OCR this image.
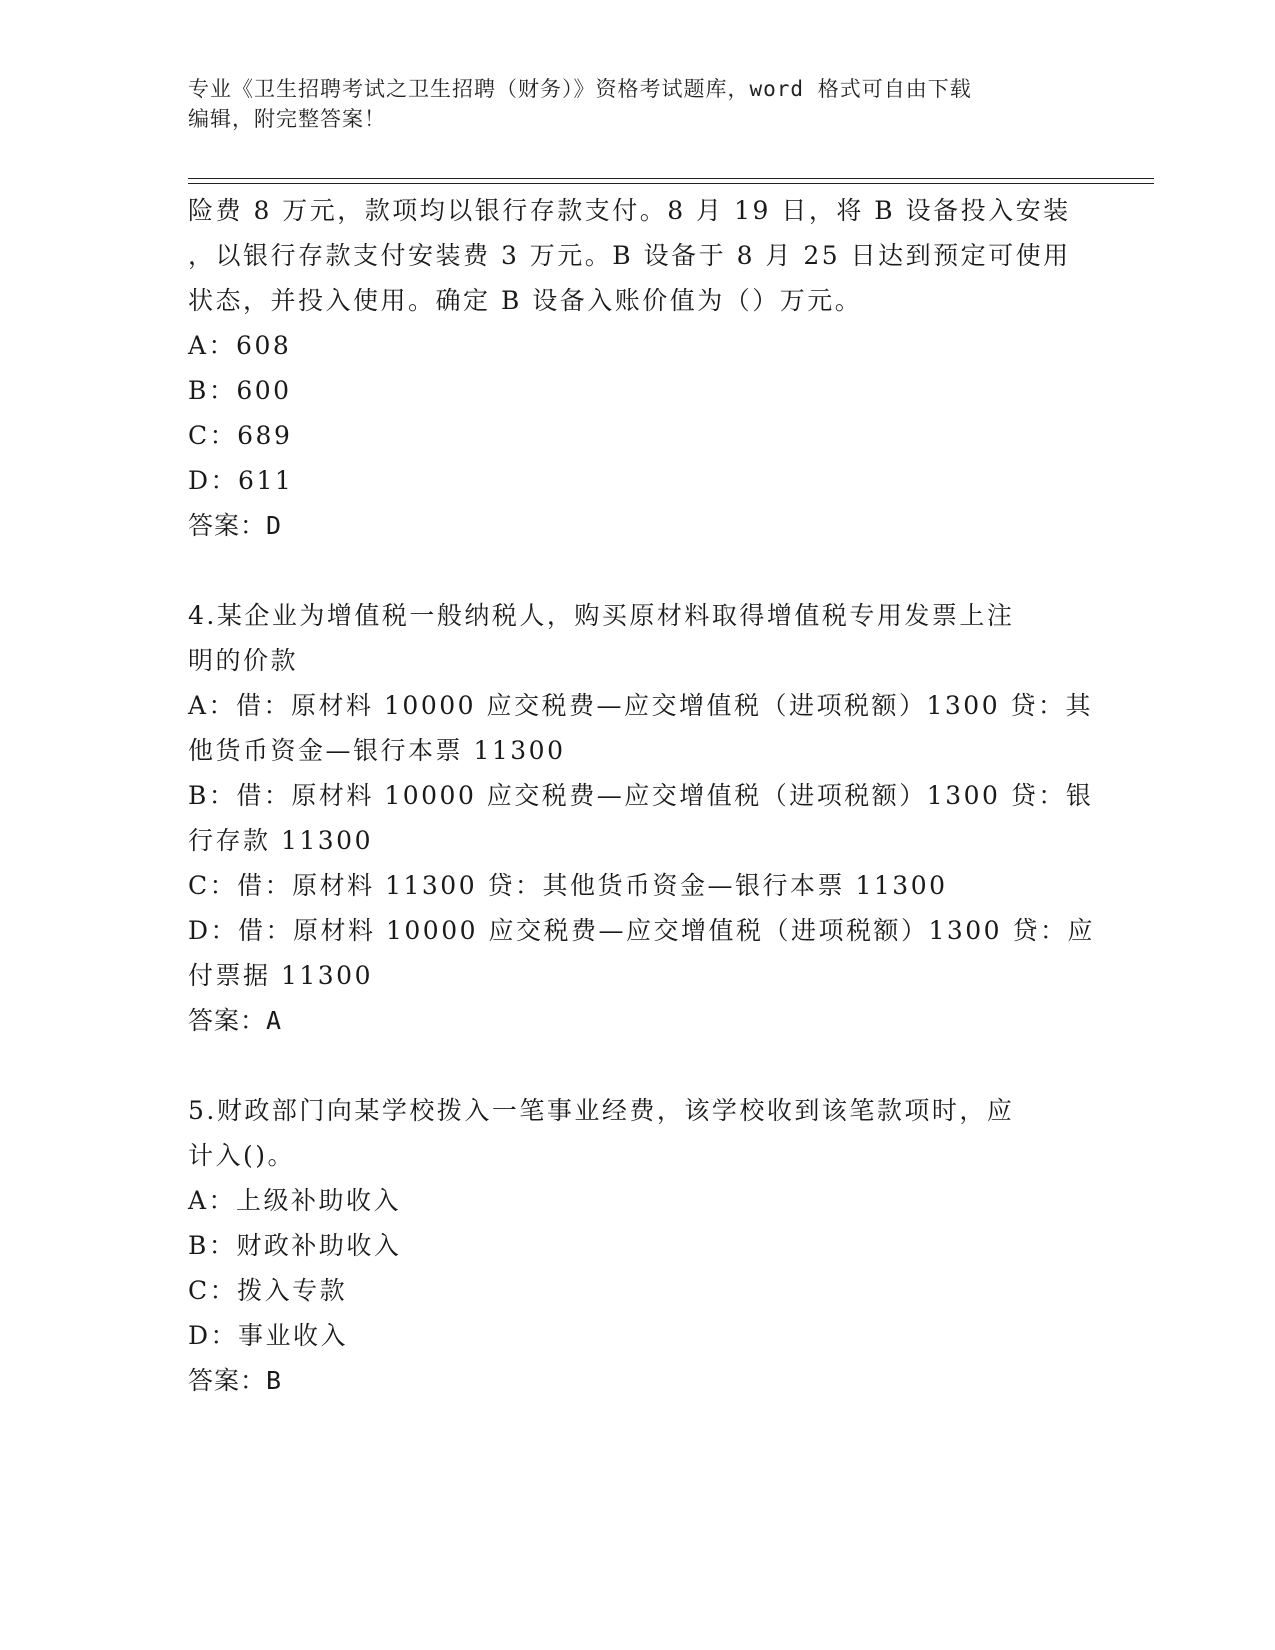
专业《卫生招聘考试之卫生招聘（财务）》资格考试题库，word 格式可自由下载
编辑，附完整答案！
险费 8 万元，款项均以银行存款支付。8 月 19 日，将 B 设备投入安装
，以银行存款支付安装费 3 万元。B 设备于 8 月 25 日达到预定可使用
状态，并投入使用。确定 B 设备入账价值为（）万元。
A：608
B：600
C：689
D：611
答案：D
4.某企业为增值税一般纳税人，购买原材料取得增值税专用发票上注
明的价款
A：借：原材料 10000 应交税费—应交增值税（进项税额）1300 贷：其
他货币资金—银行本票 11300
B：借：原材料 10000 应交税费—应交增值税（进项税额）1300 贷：银
行存款 11300
C：借：原材料 11300 贷：其他货币资金—银行本票 11300
D：借：原材料 10000 应交税费—应交增值税（进项税额）1300 贷：应
付票据 11300
答案：A
5.财政部门向某学校拨入一笔事业经费，该学校收到该笔款项时，应
计入()。
A：上级补助收入
B：财政补助收入
C：拨入专款
D：事业收入
答案：B
